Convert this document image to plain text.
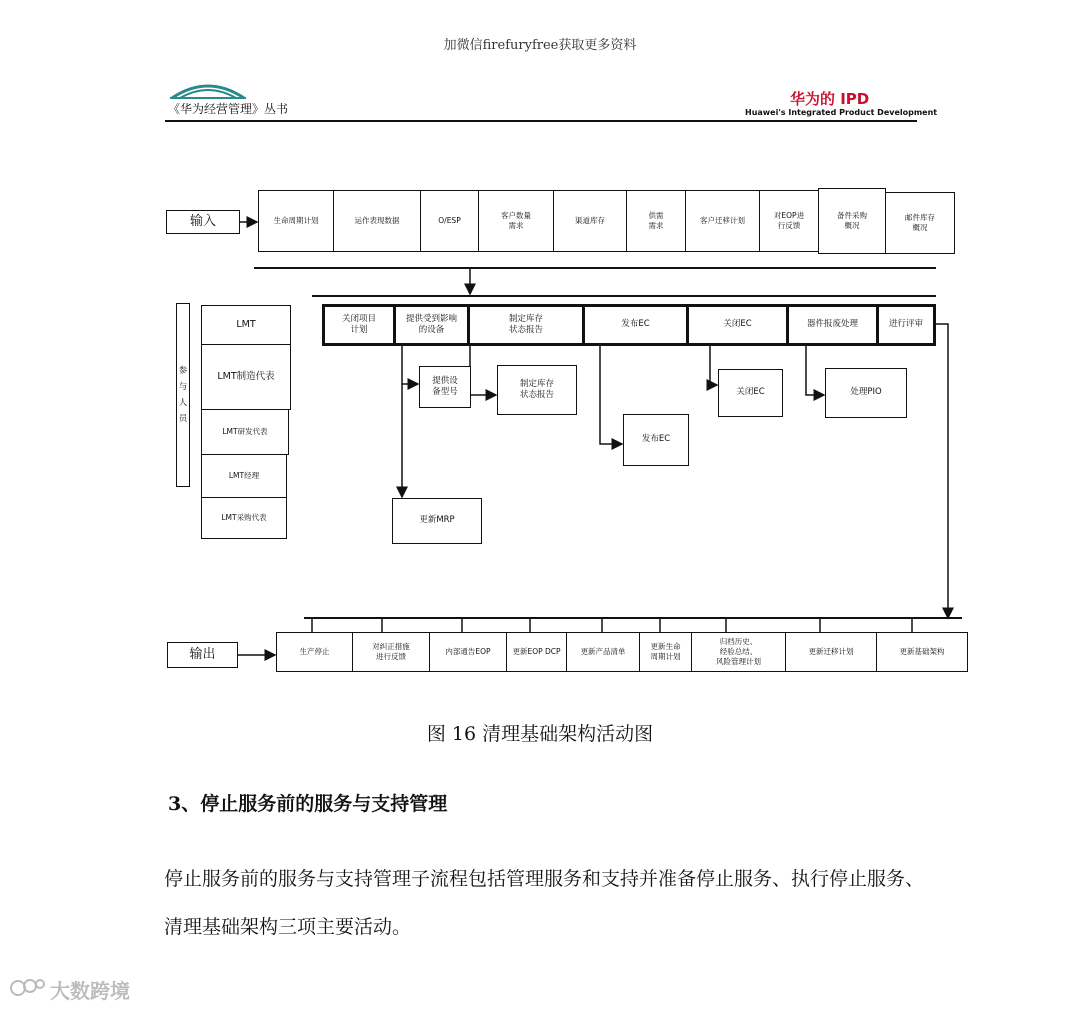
加微信firefuryfree获取更多资料
《华为经营管理》丛书
华为的 IPD
Huawei's Integrated Product Development
输入	生命周期计划	运作表现数据	O/ESP
客户数量
需求
渠道库存
供需
需求
客户迁移计划
对EOP进
行反馈
备件采购
概况
邮件库存
概况
参
与
人
员
LMT
LMT制造代表
LMT研发代表
LMT经理
LMT采购代表
关闭项目
计划
提供受到影响
的设备
制定库存
状态报告
发布EC	关闭EC	器件报废处理	进行评审
提供设
备型号
制定库存
状态报告	关闭EC	处理PIO
发布EC
更新MRP
输出	生产停止
对纠正措施
进行反馈
内部通告EOP	更新EOP DCP	更新产品清单
更新生命
周期计划
归档历史、
经验总结、
风险管理计划
更新迁移计划	更新基础架构
图 16 清理基础架构活动图
3、停止服务前的服务与支持管理
停止服务前的服务与支持管理子流程包括管理服务和支持并准备停止服务、执行停止服务、清理基础架构三项主要活动。
大数跨境
